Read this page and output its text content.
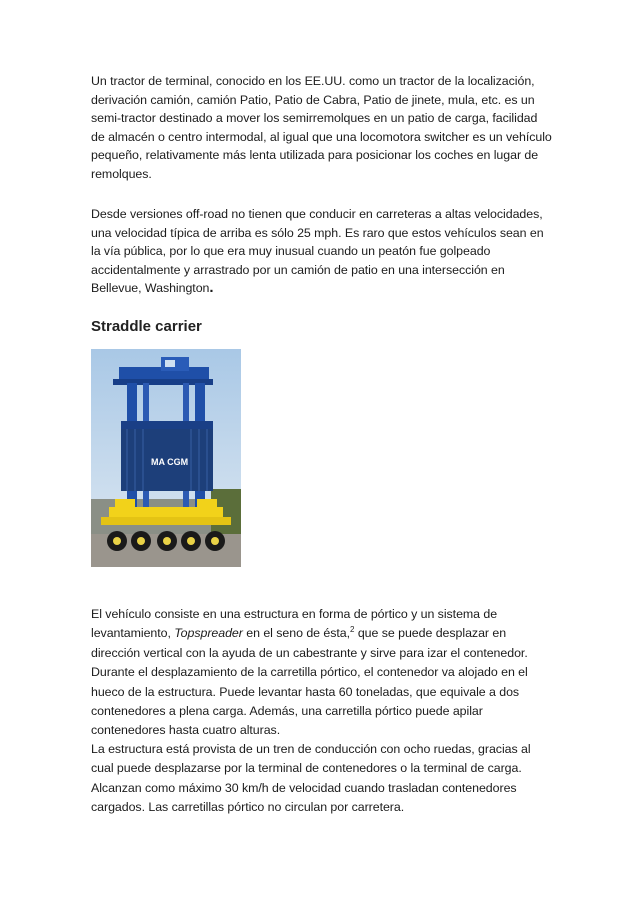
Un tractor de terminal, conocido en los EE.UU. como un tractor de la localización, derivación camión, camión Patio, Patio de Cabra, Patio de jinete, mula, etc. es un semi-tractor destinado a mover los semirremolques en un patio de carga, facilidad de almacén o centro intermodal, al igual que una locomotora switcher es un vehículo pequeño, relativamente más lenta utilizada para posicionar los coches en lugar de remolques.

Desde versiones off-road no tienen que conducir en carreteras a altas velocidades, una velocidad típica de arriba es sólo 25 mph. Es raro que estos vehículos sean en la vía pública, por lo que era muy inusual cuando un peatón fue golpeado accidentalmente y arrastrado por un camión de patio en una intersección en Bellevue, Washington.

Straddle carrier
MA CGM

El vehículo consiste en una estructura en forma de pórtico y un sistema de levantamiento, Topspreader en el seno de ésta,$^2$ que se puede desplazar en dirección vertical con la ayuda de un cabestrante y sirve para izar el contenedor. Durante el desplazamiento de la carretilla pórtico, el contenedor va alojado en el hueco de la estructura. Puede levantar hasta 60 toneladas, que equivale a dos contenedores a plena carga. Además, una carretilla pórtico puede apilar contenedores hasta cuatro alturas.

La estructura está provista de un tren de conducción con ocho ruedas, gracias al cual puede desplazarse por la terminal de contenedores o la terminal de carga. Alcanzan como máximo 30 km/h de velocidad cuando trasladan contenedores cargados. Las carretillas pórtico no circulan por carretera.
